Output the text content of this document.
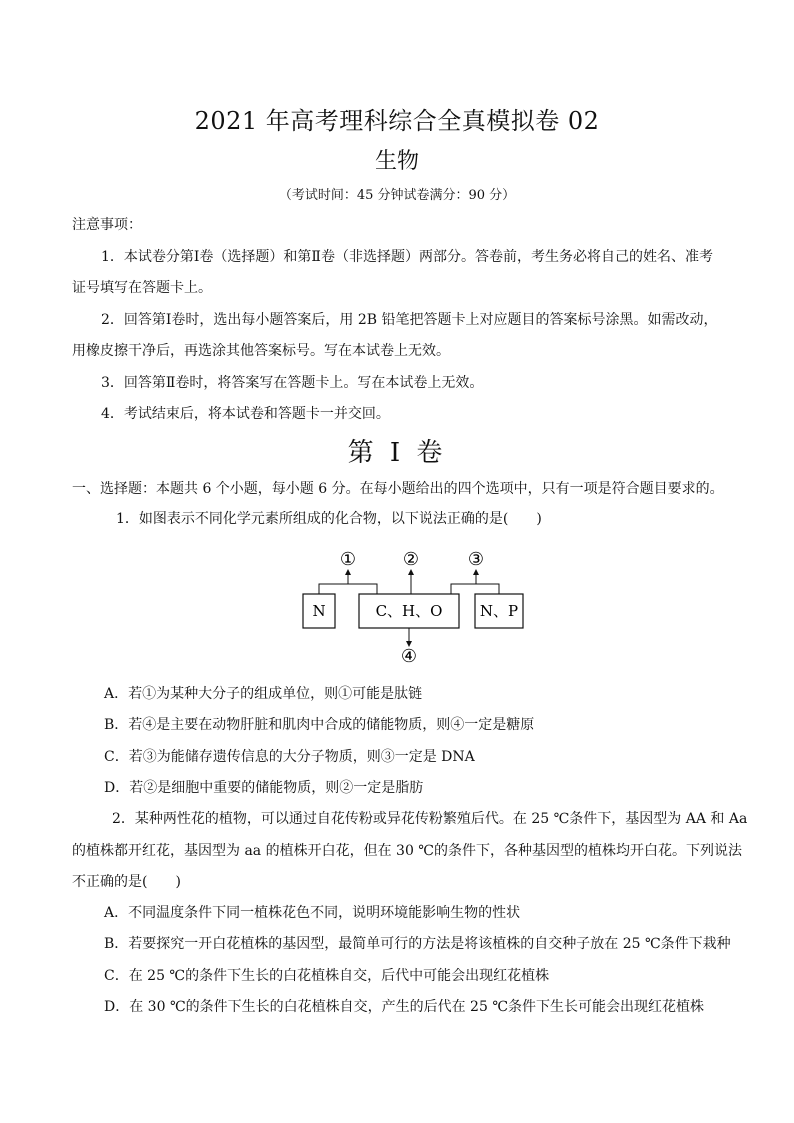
2021 年高考理科综合全真模拟卷 02
生物
（考试时间：45 分钟试卷满分：90 分）
注意事项：
1．本试卷分第Ⅰ卷（选择题）和第Ⅱ卷（非选择题）两部分。答卷前，考生务必将自己的姓名、准考
证号填写在答题卡上。
2．回答第Ⅰ卷时，选出每小题答案后，用 2B 铅笔把答题卡上对应题目的答案标号涂黑。如需改动，
用橡皮擦干净后，再选涂其他答案标号。写在本试卷上无效。
3．回答第Ⅱ卷时，将答案写在答题卡上。写在本试卷上无效。
4．考试结束后，将本试卷和答题卡一并交回。
第 I 卷
一、选择题：本题共 6 个小题，每小题 6 分。在每小题给出的四个选项中，只有一项是符合题目要求的。
1．如图表示不同化学元素所组成的化合物，以下说法正确的是(　　)
N	C、H、O N、P
①	②	③
④
A．若①为某种大分子的组成单位，则①可能是肽链
B．若④是主要在动物肝脏和肌肉中合成的储能物质，则④一定是糖原
C．若③为能储存遗传信息的大分子物质，则③一定是 DNA
D．若②是细胞中重要的储能物质，则②一定是脂肪
2．某种两性花的植物，可以通过自花传粉或异花传粉繁殖后代。在 25 ℃条件下，基因型为 AA 和 Aa
的植株都开红花，基因型为 aa 的植株开白花，但在 30 ℃的条件下，各种基因型的植株均开白花。下列说法
不正确的是(　　)
A．不同温度条件下同一植株花色不同，说明环境能影响生物的性状
B．若要探究一开白花植株的基因型，最简单可行的方法是将该植株的自交种子放在 25 ℃条件下栽种
C．在 25 ℃的条件下生长的白花植株自交，后代中可能会出现红花植株
D．在 30 ℃的条件下生长的白花植株自交，产生的后代在 25 ℃条件下生长可能会出现红花植株
